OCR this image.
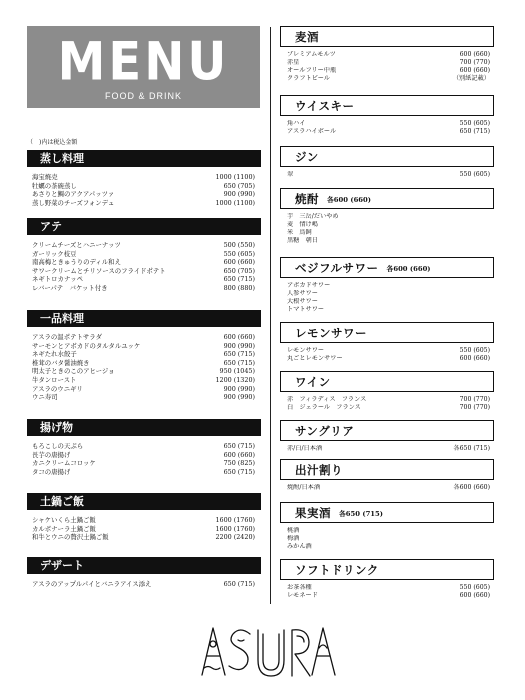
MENU
FOOD & DRINK
（　)内は税込金額
蒸し料理
海宝焼売	1000 (1100)
牡蠣の茶碗蒸し	650 (705)
あさりと鯛のアクアパッツァ	900 (990)
蒸し野菜のチーズフォンデュ	1000 (1100)
アテ
クリームチーズとハニーナッツ	500 (550)
ガーリック枝豆	550 (605)
南高梅ときゅうりのディル和え	600 (660)
サワークリームとチリソースのフライドポテト	650 (705)
ネギトロカナッペ	650 (715)
レバーパテ　バケット付き	800 (880)
一品料理
アスラの温ポテトサラダ	600 (660)
サーモンとアボカドのタルタルユッケ	900 (990)
ネギたれ水餃子	650 (715)
椎茸のバタ醤油焼き	650 (715)
明太子ときのこのアヒージョ	950 (1045)
牛タンロースト	1200 (1320)
アスラのウニギリ	900 (990)
ウニ寿司	900 (990)
揚げ物
もろこしの天ぷら	650 (715)
長芋の唐揚げ	600 (660)
カニクリームコロッケ	750 (825)
タコの唐揚げ	650 (715)
土鍋ご飯
シャケいくら土鍋ご飯	1600 (1760)
カルボナーラ土鍋ご飯	1600 (1760)
和牛とウニの贅沢土鍋ご飯	2200 (2420)
デザート
アスラのアップルパイとバニラアイス添え	650 (715)
麦酒
プレミアムモルツ	600 (660)
赤星	700 (770)
オールフリー中瓶	600 (660)
クラフトビール	（別紙記載）
ウイスキー
角ハイ	550 (605)
アスラハイボール	650 (715)
ジン
翠	550 (605)
焼酎 各600 (660)
芋　三岳/だいやめ
麦　情け嶋
米　鳥飼
黒糖　朝日
ベジフルサワー 各600 (660)
アボカドサワー
人参サワー
大根サワー
トマトサワー
レモンサワー
レモンサワー	550 (605)
丸ごとレモンサワー	600 (660)
ワイン
赤　フィラディス　フランス	700 (770)
白　ジェラール　フランス	700 (770)
サングリア
赤/白/日本酒	各650 (715)
出汁割り
焼酎/日本酒	各600 (660)
果実酒 各650 (715)
桃酒
梅酒
みかん酒
ソフトドリンク
お茶各種	550 (605)
レモネード	600 (660)
